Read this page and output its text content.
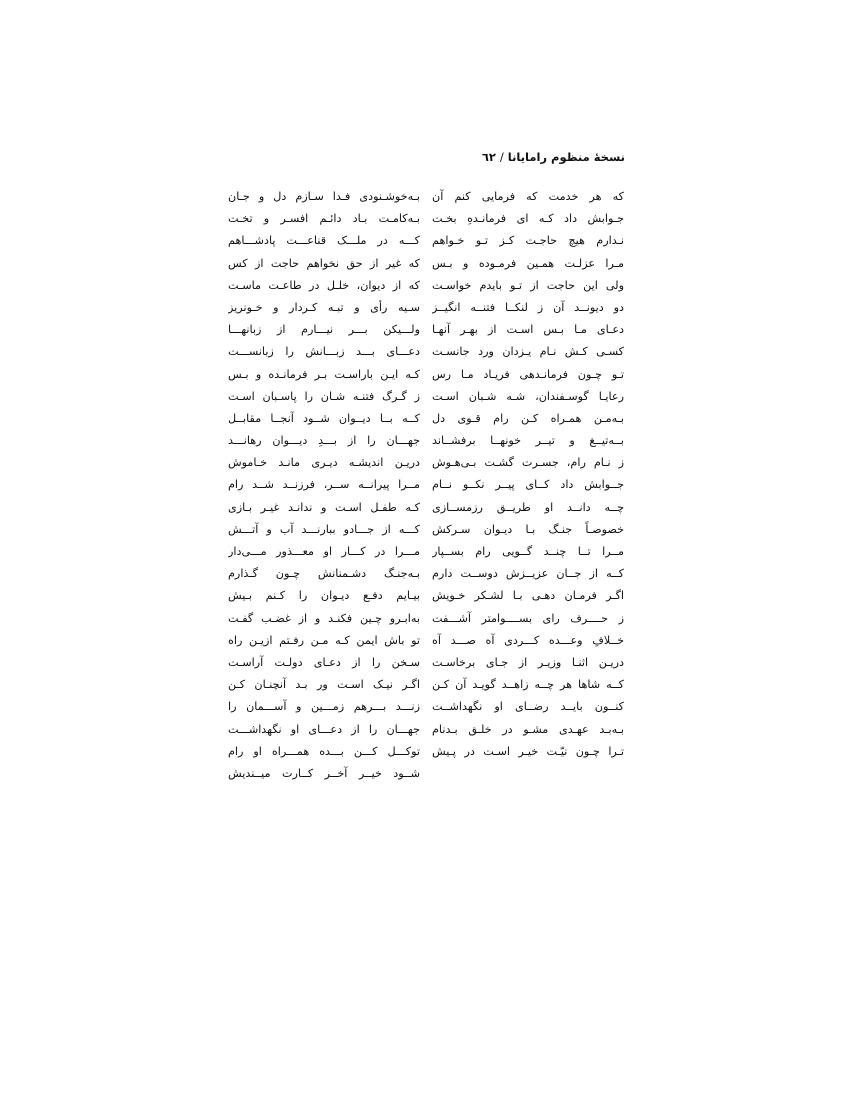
نسخهٔ منظوم رامایانا/٦٢
که هر خدمت که فرمایی کنم آن
جـوابش داد کـه ای فرمانـدهِ بخـت
نـدارم هیچ حاجـت کـز تـو خـواهم
مـرا عزلـت همـین فرمـوده و بـس
ولی این حاجت از تـو بایدم خواسـت
دو دیونــد آن ز لنکــا فتنــه انگیــز
دعـای مـا بـس اسـت از بهـر آنهـا
کسـی کـش نـام یـزدان ورد جانسـت
تـو چـون فرمانـدهی فریـاد مـا رس
رعایـا گوسـفندان، شـه شـبان اسـت
بـه‌مـن همـراه کـن رام قـوی دل
بــه‌تیــغ و تیــر خونهــا برفشــاند
ز نـام رام، جسـرت گشـت بـی‌هـوش
جــوابش داد کــای پیــر نکــو نــام
چــه دانــد او طریــق رزمســازی
خصوصـاً جنـگ بـا دیـوان سـرکش
مــرا تــا چنــد گــویی رام بســپار
کــه از جــان عزیــزش دوســت دارم
اگـر فرمـان دهـی بـا لشـکر خـویش
ز حــــرف رای بســــوامتر آشـــفت
خــلافِ وعـــده کـــردی آه صـــد آه
دریـن اثنـا وزیـر از جـای برخاسـت
کــه شاها هر چــه زاهــد گویـد آن کـن
کنــون بایــد رضــای او نگهداشــت
بـه‌بـد عهـدی مشـو در خلـق بـدنام
تـرا چـون نیّـت خیـر اسـت در پـیش
بـه‌خوشـنودی فـدا سـازم دل و جـان
بـه‌کامـت بـاد دائـم افسـر و تخـت
کـــه در ملـــک قناعـــت پادشـــاهم
که غیر از حق نخواهم حاجت از کس
که از دیوان، خلـل در طاعـت ماسـت
سـیه رأی و تبـه کـردار و خـونریز
ولـــیکن بـــر نیـــارم از زبانهـــا
دعـــای بـــد زبـــانش را زبانســـت
کـه ایـن باراسـت بـر فرمانـده و بـس
ز گـرگ فتنـه شـان را پاسـبان اسـت
کــه بــا دیــوان شــود آنجــا مقابــل
جهـــان را از بـــدِ دیـــوان رهانـــد
دریـن اندیشـه دیـری مانـد خـاموش
مــرا پیرانــه ســر، فرزنــد شــد رام
کـه طفـل اسـت و ندانـد غیـر بـازی
کـــه از جـــادو ببارنـــد آب و آتـــش
مـــرا در کـــار او معـــذور مـــی‌دار
بـه‌جنـگ دشـمنانش چـون گـذارم
بیـایم دفـع دیـوان را کـنم بـیش
به‌ابـرو چـین فکنـد و از غضـب گفـت
تو باش ایمن کـه مـن رفـتم ازیـن راه
سـخن را از دعـای دولـت آراسـت
اگـر نیـک اسـت ور بـد آنچنـان کـن
زنـــد بـــرهم زمـــین و آســـمان را
جهـــان را از دعـــای او نگهداشـــت
توکـــل کـــن بـــده همـــراه او رام
شــود خیــر آخــر کــارت میــندیش
